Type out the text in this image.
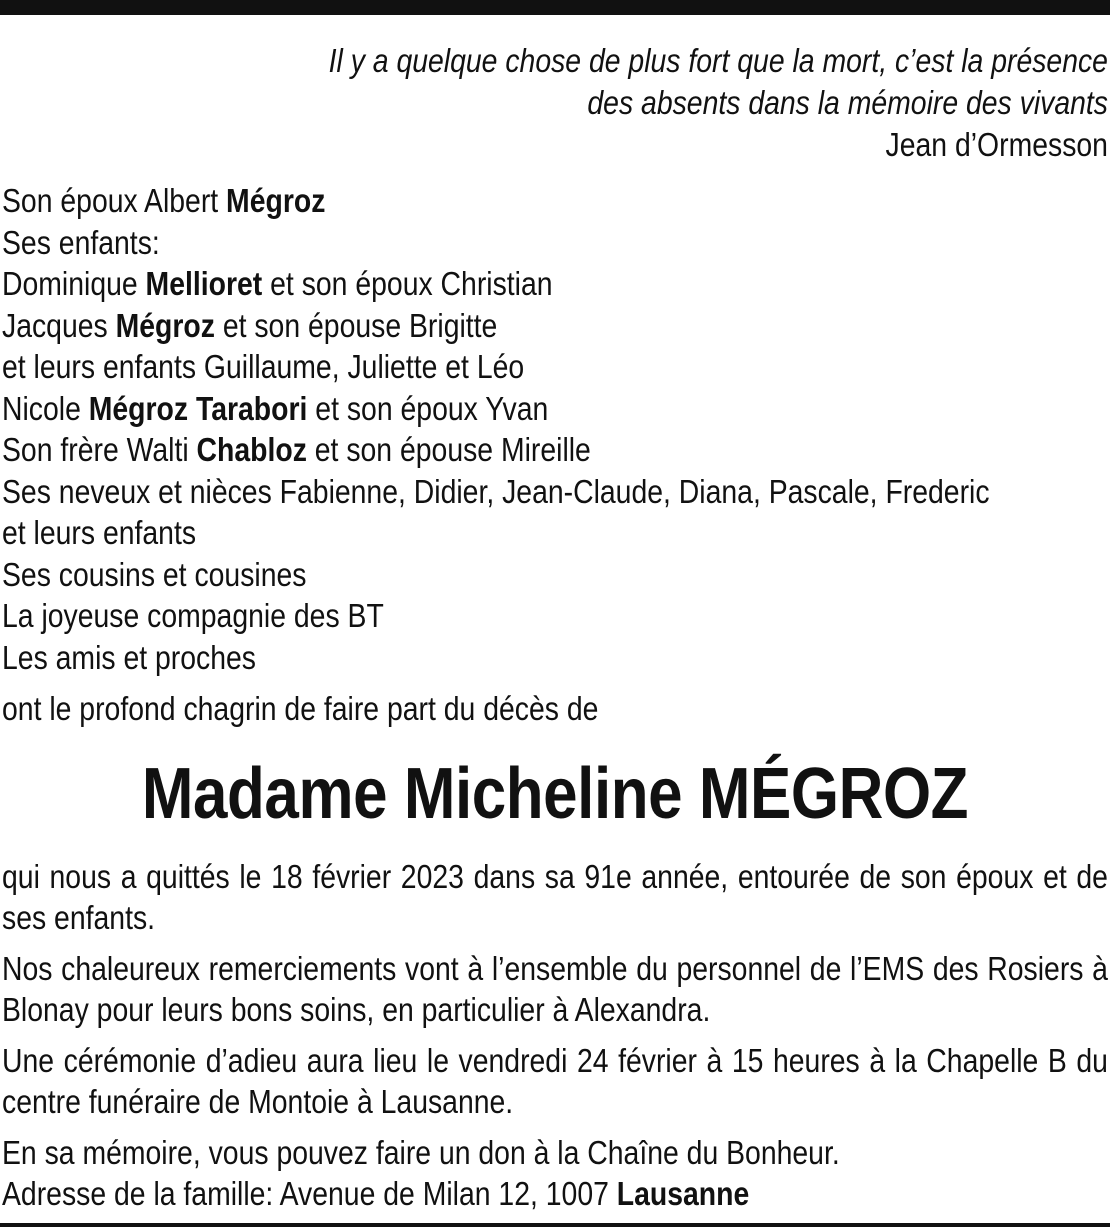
Il y a quelque chose de plus fort que la mort, c’est la présence
des absents dans la mémoire des vivants
Jean d’Ormesson
Son époux Albert Mégroz
Ses enfants:
Dominique Mellioret et son époux Christian
Jacques Mégroz et son épouse Brigitte
et leurs enfants Guillaume, Juliette et Léo
Nicole Mégroz Tarabori et son époux Yvan
Son frère Walti Chabloz et son épouse Mireille
Ses neveux et nièces Fabienne, Didier, Jean-Claude, Diana, Pascale, Frederic
et leurs enfants
Ses cousins et cousines
La joyeuse compagnie des BT
Les amis et proches
ont le profond chagrin de faire part du décès de
Madame Micheline MÉGROZ
qui nous a quittés le 18 février 2023 dans sa 91e année, entourée de son époux et de ses enfants.
Nos chaleureux remerciements vont à l’ensemble du personnel de l’EMS des Rosiers à Blonay pour leurs bons soins, en particulier à Alexandra.
Une cérémonie d’adieu aura lieu le vendredi 24 février à 15 heures à la Chapelle B du centre funéraire de Montoie à Lausanne.
En sa mémoire, vous pouvez faire un don à la Chaîne du Bonheur.
Adresse de la famille: Avenue de Milan 12, 1007 Lausanne
